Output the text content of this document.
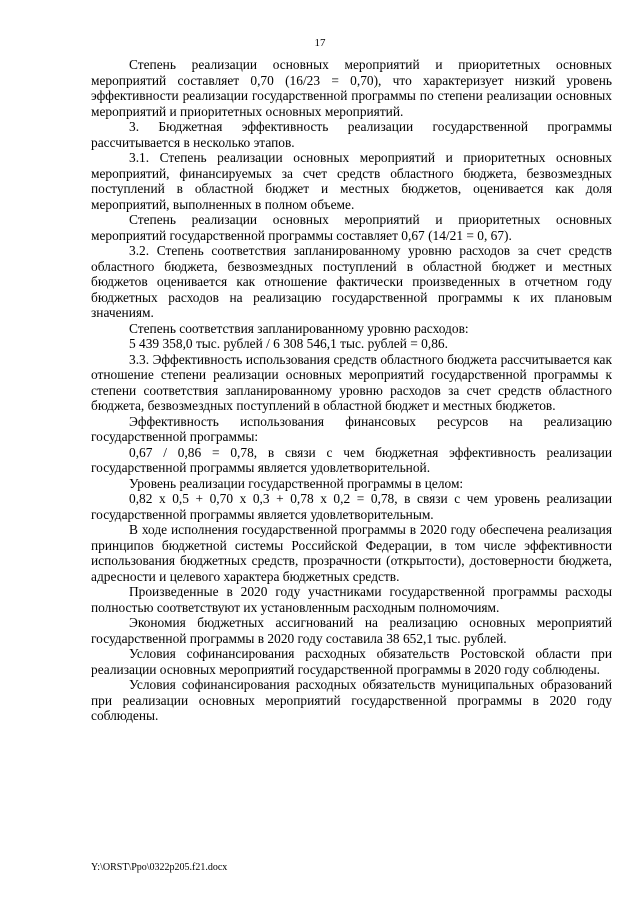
17

Степень реализации основных мероприятий и приоритетных основных мероприятий составляет 0,70 (16/23 = 0,70), что характеризует низкий уровень эффективности реализации государственной программы по степени реализации основных мероприятий и приоритетных основных мероприятий.

3. Бюджетная эффективность реализации государственной программы рассчитывается в несколько этапов.

3.1. Степень реализации основных мероприятий и приоритетных основных мероприятий, финансируемых за счет средств областного бюджета, безвозмездных поступлений в областной бюджет и местных бюджетов, оценивается как доля мероприятий, выполненных в полном объеме.

Степень реализации основных мероприятий и приоритетных основных мероприятий государственной программы составляет 0,67 (14/21 = 0, 67).

3.2. Степень соответствия запланированному уровню расходов за счет средств областного бюджета, безвозмездных поступлений в областной бюджет и местных бюджетов оценивается как отношение фактически произведенных в отчетном году бюджетных расходов на реализацию государственной программы к их плановым значениям.

Степень соответствия запланированному уровню расходов:

5 439 358,0 тыс. рублей / 6 308 546,1 тыс. рублей = 0,86.

3.3. Эффективность использования средств областного бюджета рассчитывается как отношение степени реализации основных мероприятий государственной программы к степени соответствия запланированному уровню расходов за счет средств областного бюджета, безвозмездных поступлений в областной бюджет и местных бюджетов.

Эффективность использования финансовых ресурсов на реализацию государственной программы:

0,67 / 0,86 = 0,78, в связи с чем бюджетная эффективность реализации государственной программы является удовлетворительной.

Уровень реализации государственной программы в целом:

0,82 х 0,5 + 0,70 х 0,3 + 0,78 х 0,2 = 0,78, в связи с чем уровень реализации государственной программы является удовлетворительным.

В ходе исполнения государственной программы в 2020 году обеспечена реализация принципов бюджетной системы Российской Федерации, в том числе эффективности использования бюджетных средств, прозрачности (открытости), достоверности бюджета, адресности и целевого характера бюджетных средств.

Произведенные в 2020 году участниками государственной программы расходы полностью соответствуют их установленным расходным полномочиям.

Экономия бюджетных ассигнований на реализацию основных мероприятий государственной программы в 2020 году составила 38 652,1 тыс. рублей.

Условия софинансирования расходных обязательств Ростовской области при реализации основных мероприятий государственной программы в 2020 году соблюдены.

Условия софинансирования расходных обязательств муниципальных образований при реализации основных мероприятий государственной программы в 2020 году соблюдены.

Y:\ORST\Ppo\0322p205.f21.docx
